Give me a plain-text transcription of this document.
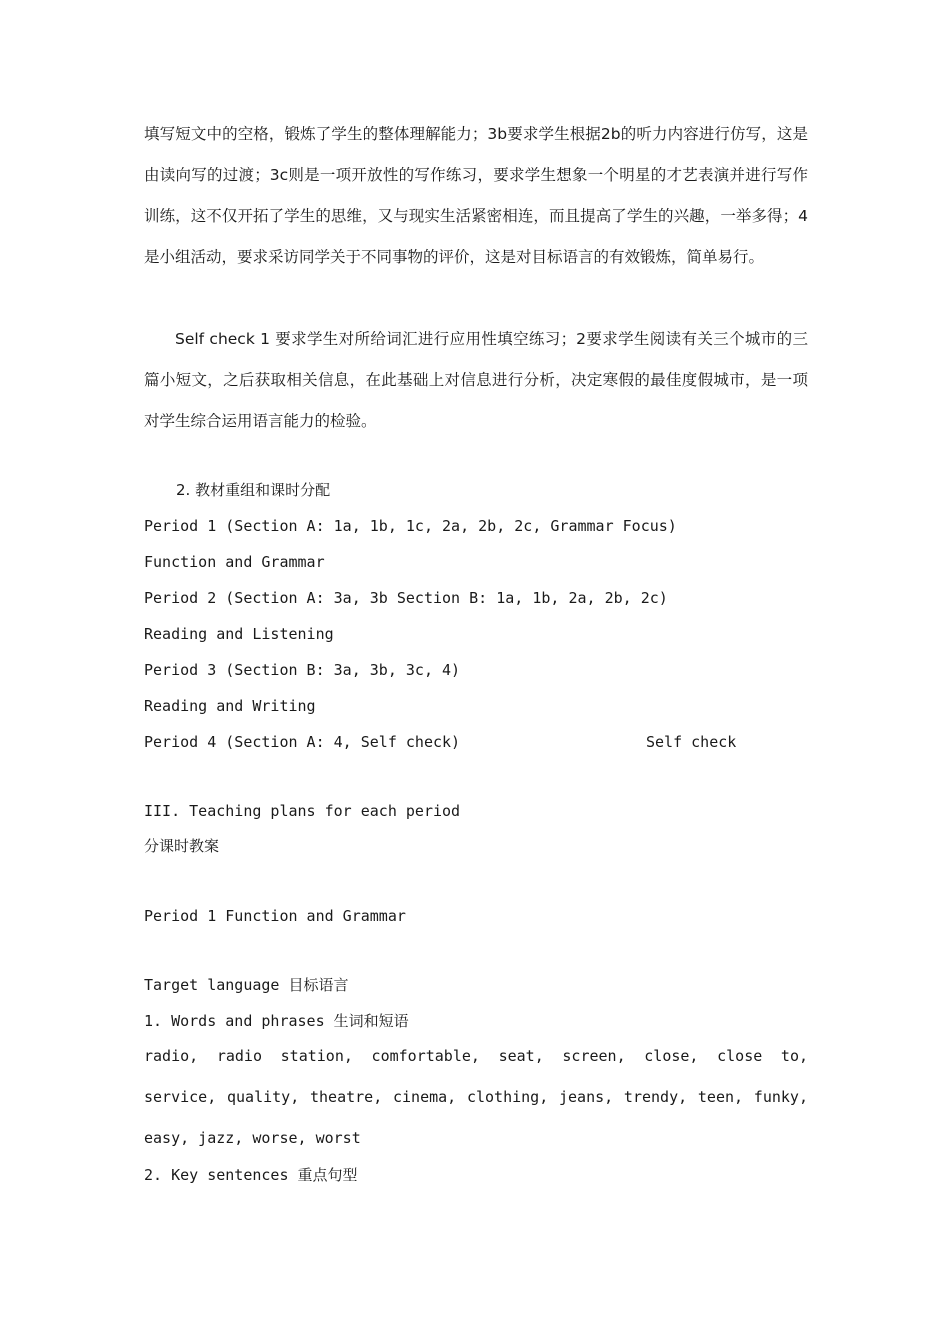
填写短文中的空格，锻炼了学生的整体理解能力；3b要求学生根据2b的听力内容进行仿写，这是由读向写的过渡；3c则是一项开放性的写作练习，要求学生想象一个明星的才艺表演并进行写作训练，这不仅开拓了学生的思维，又与现实生活紧密相连，而且提高了学生的兴趣，一举多得；4是小组活动，要求采访同学关于不同事物的评价，这是对目标语言的有效锻炼，简单易行。
Self check 1 要求学生对所给词汇进行应用性填空练习；2要求学生阅读有关三个城市的三篇小短文，之后获取相关信息，在此基础上对信息进行分析，决定寒假的最佳度假城市，是一项对学生综合运用语言能力的检验。
2. 教材重组和课时分配
Period 1 (Section A: 1a, 1b, 1c, 2a, 2b, 2c, Grammar Focus)
Function and Grammar
Period 2 (Section A: 3a, 3b Section B: 1a, 1b, 2a, 2b, 2c)
Reading and Listening
Period 3 (Section B: 3a, 3b, 3c, 4)
Reading and Writing
Period 4 (Section A: 4, Self check)	Self check
III. Teaching plans for each period
分课时教案
Period 1 Function and Grammar
Target language 目标语言
1. Words and phrases 生词和短语
radio, radio station, comfortable, seat, screen, close, close to, service, quality, theatre, cinema, clothing, jeans, trendy, teen, funky, easy, jazz, worse, worst
2. Key sentences 重点句型
